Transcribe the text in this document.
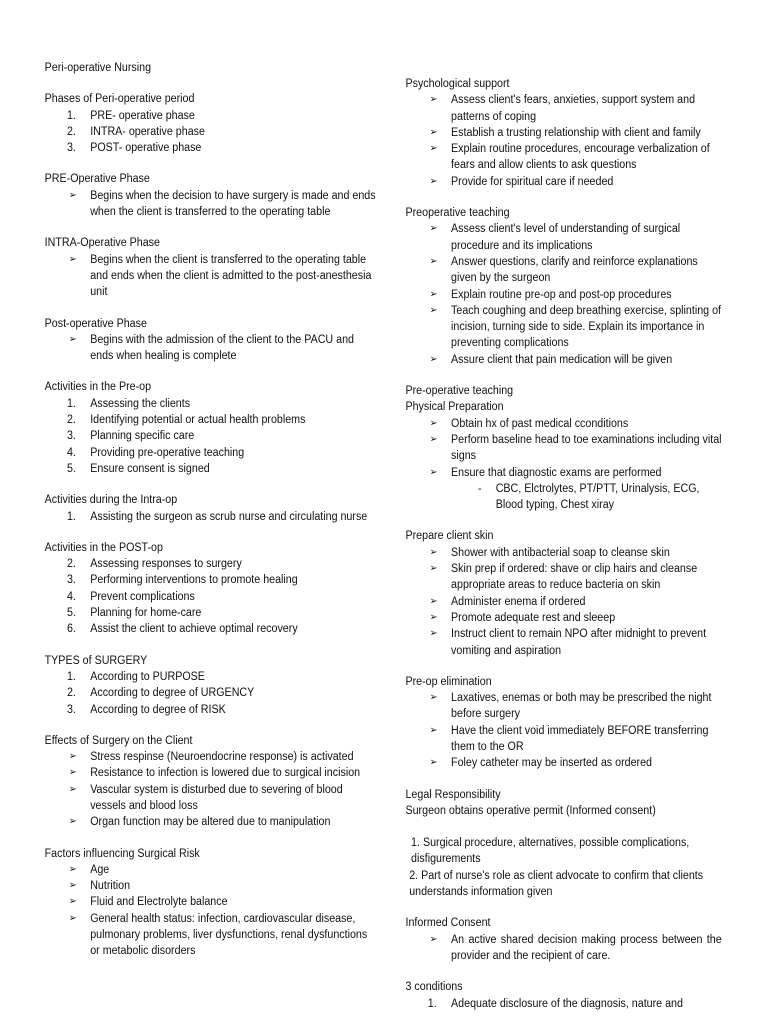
Peri-operative Nursing

Phases of Peri-operative period

1. PRE- operative phase
2. INTRA- operative phase
3. POST- operative phase

PRE-Operative Phase

➢ Begins when the decision to have surgery is made and ends when the client is transferred to the operating table

INTRA-Operative Phase

➢ Begins when the client is transferred to the operating table and ends when the client is admitted to the post-anesthesia unit

Post-operative Phase

➢ Begins with the admission of the client to the PACU and ends when healing is complete

Activities in the Pre-op

1. Assessing the clients
2. Identifying potential or actual health problems
3. Planning specific care
4. Providing pre-operative teaching
5. Ensure consent is signed

Activities during the Intra-op

1. Assisting the surgeon as scrub nurse and circulating nurse

Activities in the POST-op

2. Assessing responses to surgery
3. Performing interventions to promote healing
4. Prevent complications
5. Planning for home-care
6. Assist the client to achieve optimal recovery

TYPES of SURGERY

1. According to PURPOSE
2. According to degree of URGENCY
3. According to degree of RISK

Effects of Surgery on the Client

➢ Stress respinse (Neuroendocrine response) is activated
➢ Resistance to infection is lowered due to surgical incision
➢ Vascular system is disturbed due to severing of blood vessels and blood loss
➢ Organ function may be altered due to manipulation

Factors influencing Surgical Risk

➢ Age
➢ Nutrition
➢ Fluid and Electrolyte balance
➢ General health status: infection, cardiovascular disease, pulmonary problems, liver dysfunctions, renal dysfunctions or metabolic disorders

Psychological support

➢ Assess client's fears, anxieties, support system and patterns of coping
➢ Establish a trusting relationship with client and family
➢ Explain routine procedures, encourage verbalization of fears and allow clients to ask questions
➢ Provide for spiritual care if needed

Preoperative teaching

➢ Assess client's level of understanding of surgical procedure and its implications
➢ Answer questions, clarify and reinforce explanations given by the surgeon
➢ Explain routine pre-op and post-op procedures
➢ Teach coughing and deep breathing exercise, splinting of incision, turning side to side. Explain its importance in preventing complications
➢ Assure client that pain medication will be given

Pre-operative teaching

Physical Preparation

➢ Obtain hx of past medical cconditions
➢ Perform baseline head to toe examinations including vital signs
➢ Ensure that diagnostic exams are performed
- CBC, Elctrolytes, PT/PTT, Urinalysis, ECG, Blood typing, Chest xiray

Prepare client skin

➢ Shower with antibacterial soap to cleanse skin
➢ Skin prep if ordered: shave or clip hairs and cleanse appropriate areas to reduce bacteria on skin
➢ Administer enema if ordered
➢ Promote adequate rest and sleeep
➢ Instruct client to remain NPO after midnight to prevent vomiting and aspiration

Pre-op elimination

➢ Laxatives, enemas or both may be prescribed the night before surgery
➢ Have the client void immediately BEFORE transferring them to the OR
➢ Foley catheter may be inserted as ordered

Legal Responsibility

Surgeon obtains operative permit (Informed consent)

1. Surgical procedure, alternatives, possible complications, disfigurements

2. Part of nurse's role as client advocate to confirm that clients understands information given

Informed Consent

➢ An active shared decision making process between the provider and the recipient of care.

3 conditions

1. Adequate disclosure of the diagnosis, nature and
